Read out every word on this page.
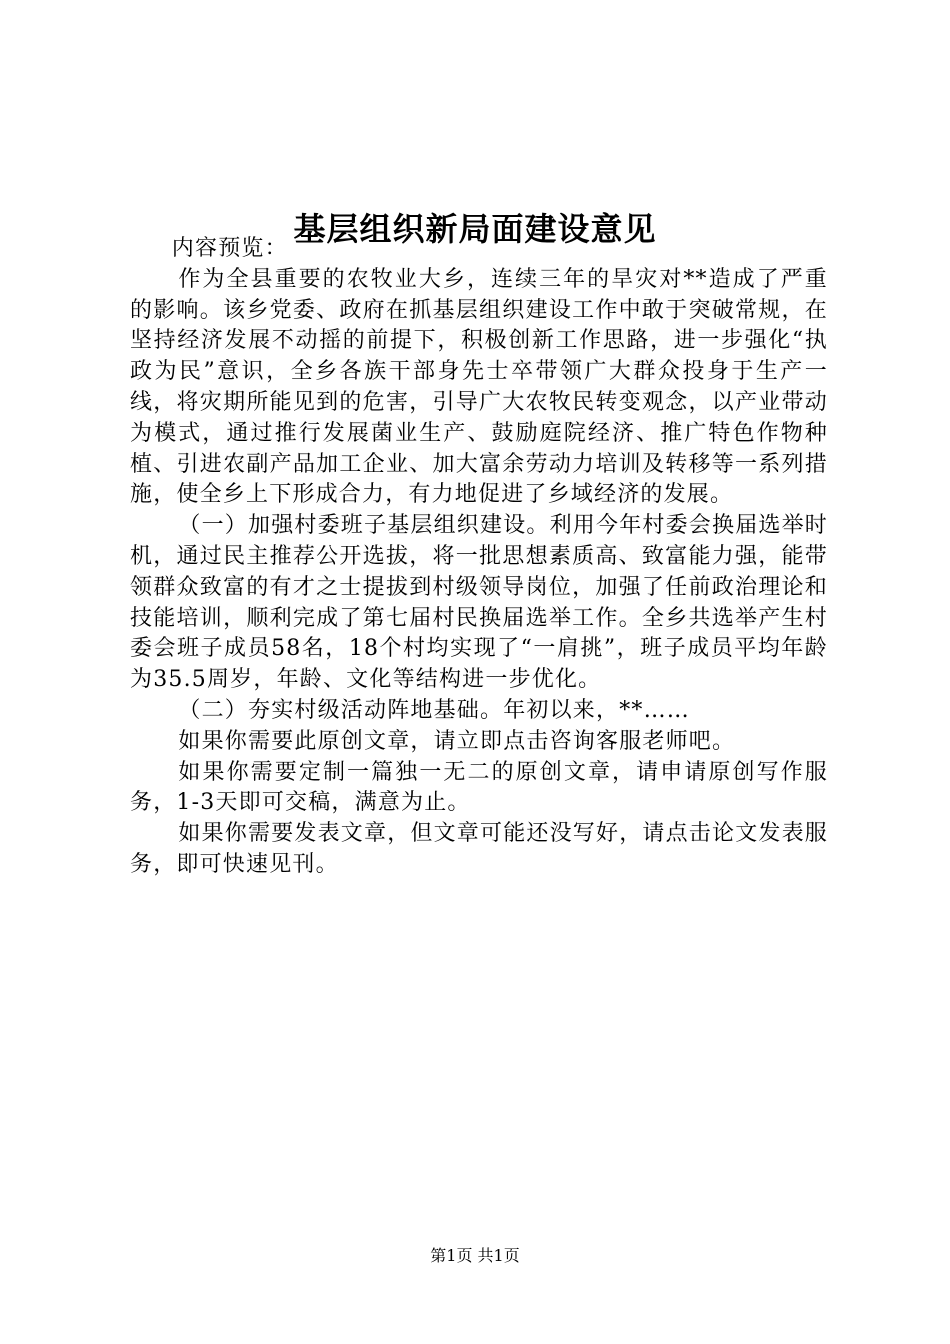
基层组织新局面建设意见

内容预览：

作为全县重要的农牧业大乡，连续三年的旱灾对**造成了严重的影响。该乡党委、政府在抓基层组织建设工作中敢于突破常规，在坚持经济发展不动摇的前提下，积极创新工作思路，进一步强化“执政为民”意识，全乡各族干部身先士卒带领广大群众投身于生产一线，将灾期所能见到的危害，引导广大农牧民转变观念，以产业带动为模式，通过推行发展菌业生产、鼓励庭院经济、推广特色作物种植、引进农副产品加工企业、加大富余劳动力培训及转移等一系列措施，使全乡上下形成合力，有力地促进了乡域经济的发展。

（一）加强村委班子基层组织建设。利用今年村委会换届选举时机，通过民主推荐公开选拔，将一批思想素质高、致富能力强，能带领群众致富的有才之士提拔到村级领导岗位，加强了任前政治理论和技能培训，顺利完成了第七届村民换届选举工作。全乡共选举产生村委会班子成员58名，18个村均实现了“一肩挑”，班子成员平均年龄为35.5周岁，年龄、文化等结构进一步优化。

（二）夯实村级活动阵地基础。年初以来，**……

如果你需要此原创文章，请立即点击咨询客服老师吧。

如果你需要定制一篇独一无二的原创文章，请申请原创写作服务，1-3天即可交稿，满意为止。

如果你需要发表文章，但文章可能还没写好，请点击论文发表服务，即可快速见刊。

第1页 共1页
